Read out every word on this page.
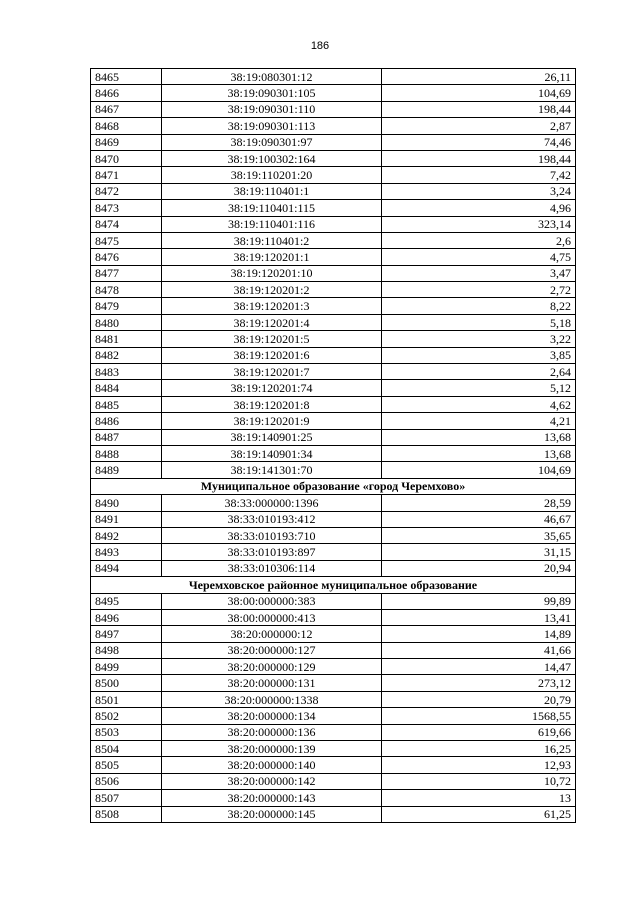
186
8465	38:19:080301:12	26,11
8466	38:19:090301:105	104,69
8467	38:19:090301:110	198,44
8468	38:19:090301:113	2,87
8469	38:19:090301:97	74,46
8470	38:19:100302:164	198,44
8471	38:19:110201:20	7,42
8472	38:19:110401:1	3,24
8473	38:19:110401:115	4,96
8474	38:19:110401:116	323,14
8475	38:19:110401:2	2,6
8476	38:19:120201:1	4,75
8477	38:19:120201:10	3,47
8478	38:19:120201:2	2,72
8479	38:19:120201:3	8,22
8480	38:19:120201:4	5,18
8481	38:19:120201:5	3,22
8482	38:19:120201:6	3,85
8483	38:19:120201:7	2,64
8484	38:19:120201:74	5,12
8485	38:19:120201:8	4,62
8486	38:19:120201:9	4,21
8487	38:19:140901:25	13,68
8488	38:19:140901:34	13,68
8489	38:19:141301:70	104,69
Муниципальное образование «город Черемхово»		
8490	38:33:000000:1396	28,59
8491	38:33:010193:412	46,67
8492	38:33:010193:710	35,65
8493	38:33:010193:897	31,15
8494	38:33:010306:114	20,94
Черемховское районное муниципальное образование		
8495	38:00:000000:383	99,89
8496	38:00:000000:413	13,41
8497	38:20:000000:12	14,89
8498	38:20:000000:127	41,66
8499	38:20:000000:129	14,47
8500	38:20:000000:131	273,12
8501	38:20:000000:1338	20,79
8502	38:20:000000:134	1568,55
8503	38:20:000000:136	619,66
8504	38:20:000000:139	16,25
8505	38:20:000000:140	12,93
8506	38:20:000000:142	10,72
8507	38:20:000000:143	13
8508	38:20:000000:145	61,25
